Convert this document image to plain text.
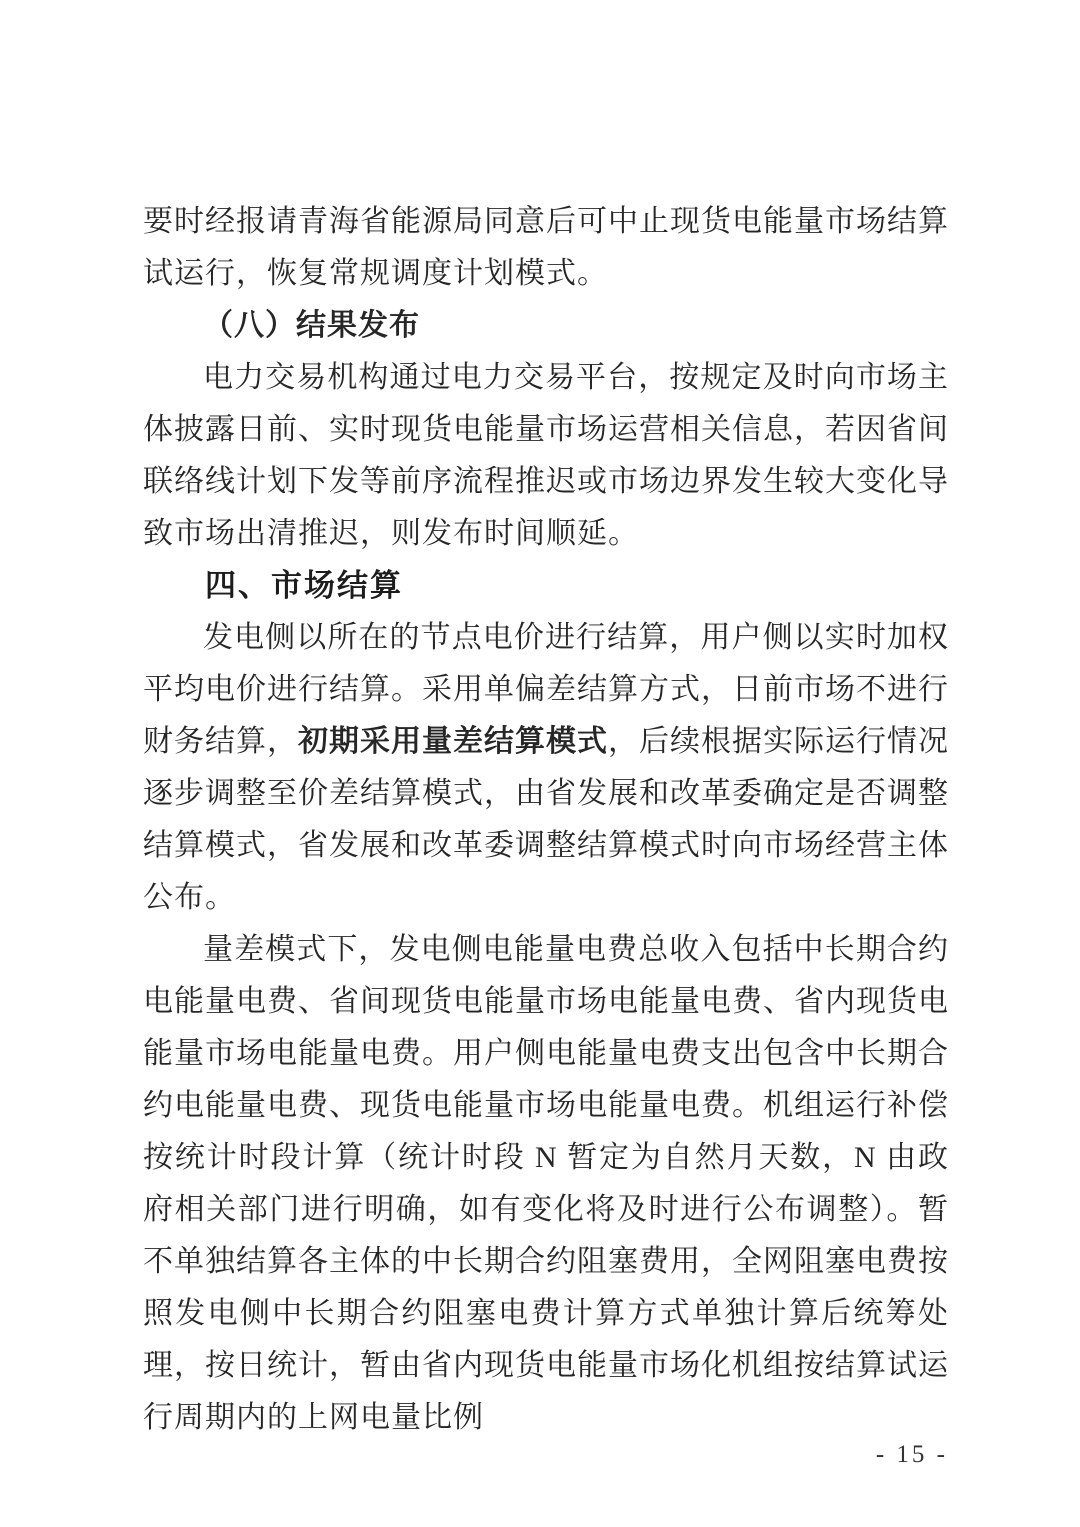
要时经报请青海省能源局同意后可中止现货电能量市场结算试运行，恢复常规调度计划模式。

（八）结果发布

电力交易机构通过电力交易平台，按规定及时向市场主体披露日前、实时现货电能量市场运营相关信息，若因省间联络线计划下发等前序流程推迟或市场边界发生较大变化导致市场出清推迟，则发布时间顺延。

四、市场结算

发电侧以所在的节点电价进行结算，用户侧以实时加权平均电价进行结算。采用单偏差结算方式，日前市场不进行财务结算，初期采用量差结算模式，后续根据实际运行情况逐步调整至价差结算模式，由省发展和改革委确定是否调整结算模式，省发展和改革委调整结算模式时向市场经营主体公布。

量差模式下，发电侧电能量电费总收入包括中长期合约电能量电费、省间现货电能量市场电能量电费、省内现货电能量市场电能量电费。用户侧电能量电费支出包含中长期合约电能量电费、现货电能量市场电能量电费。机组运行补偿按统计时段计算（统计时段 N 暂定为自然月天数，N 由政府相关部门进行明确，如有变化将及时进行公布调整）。暂不单独结算各主体的中长期合约阻塞费用，全网阻塞电费按照发电侧中长期合约阻塞电费计算方式单独计算后统筹处理，按日统计，暂由省内现货电能量市场化机组按结算试运行周期内的上网电量比例

- 15 -
